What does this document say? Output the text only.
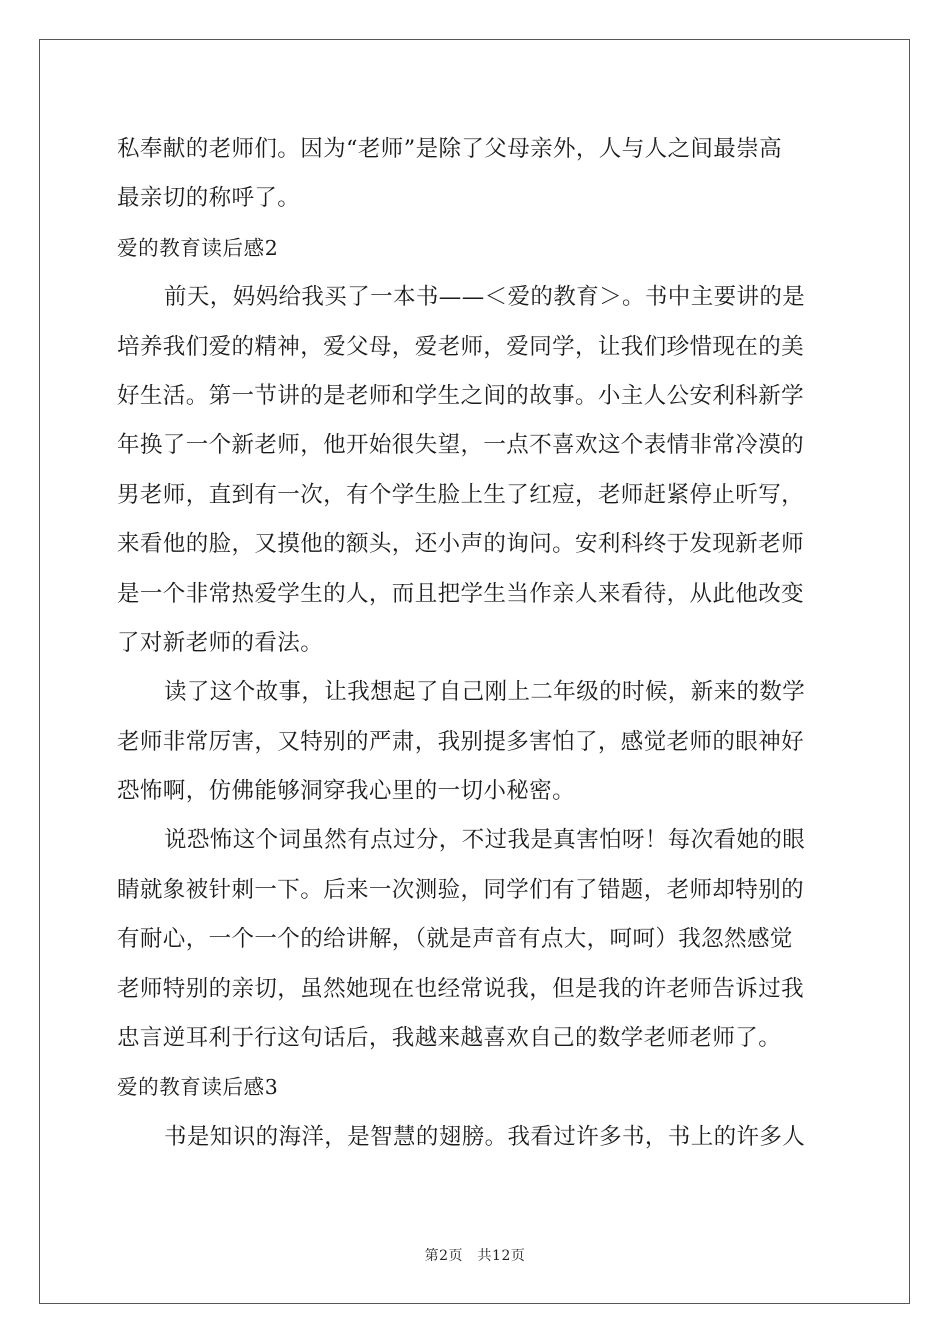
私奉献的老师们。因为“老师”是除了父母亲外，人与人之间最崇高
最亲切的称呼了。
爱的教育读后感2
前天，妈妈给我买了一本书——＜爱的教育＞。书中主要讲的是
培养我们爱的精神，爱父母，爱老师，爱同学，让我们珍惜现在的美
好生活。第一节讲的是老师和学生之间的故事。小主人公安利科新学
年换了一个新老师，他开始很失望，一点不喜欢这个表情非常冷漠的
男老师，直到有一次，有个学生脸上生了红痘，老师赶紧停止听写，
来看他的脸，又摸他的额头，还小声的询问。安利科终于发现新老师
是一个非常热爱学生的人，而且把学生当作亲人来看待，从此他改变
了对新老师的看法。
读了这个故事，让我想起了自己刚上二年级的时候，新来的数学
老师非常厉害，又特别的严肃，我别提多害怕了，感觉老师的眼神好
恐怖啊，仿佛能够洞穿我心里的一切小秘密。
说恐怖这个词虽然有点过分，不过我是真害怕呀！每次看她的眼
睛就象被针刺一下。后来一次测验，同学们有了错题，老师却特别的
有耐心，一个一个的给讲解，（就是声音有点大，呵呵）我忽然感觉
老师特别的亲切，虽然她现在也经常说我，但是我的许老师告诉过我
忠言逆耳利于行这句话后，我越来越喜欢自己的数学老师老师了。
爱的教育读后感3
书是知识的海洋，是智慧的翅膀。我看过许多书，书上的许多人
第2页　共12页
